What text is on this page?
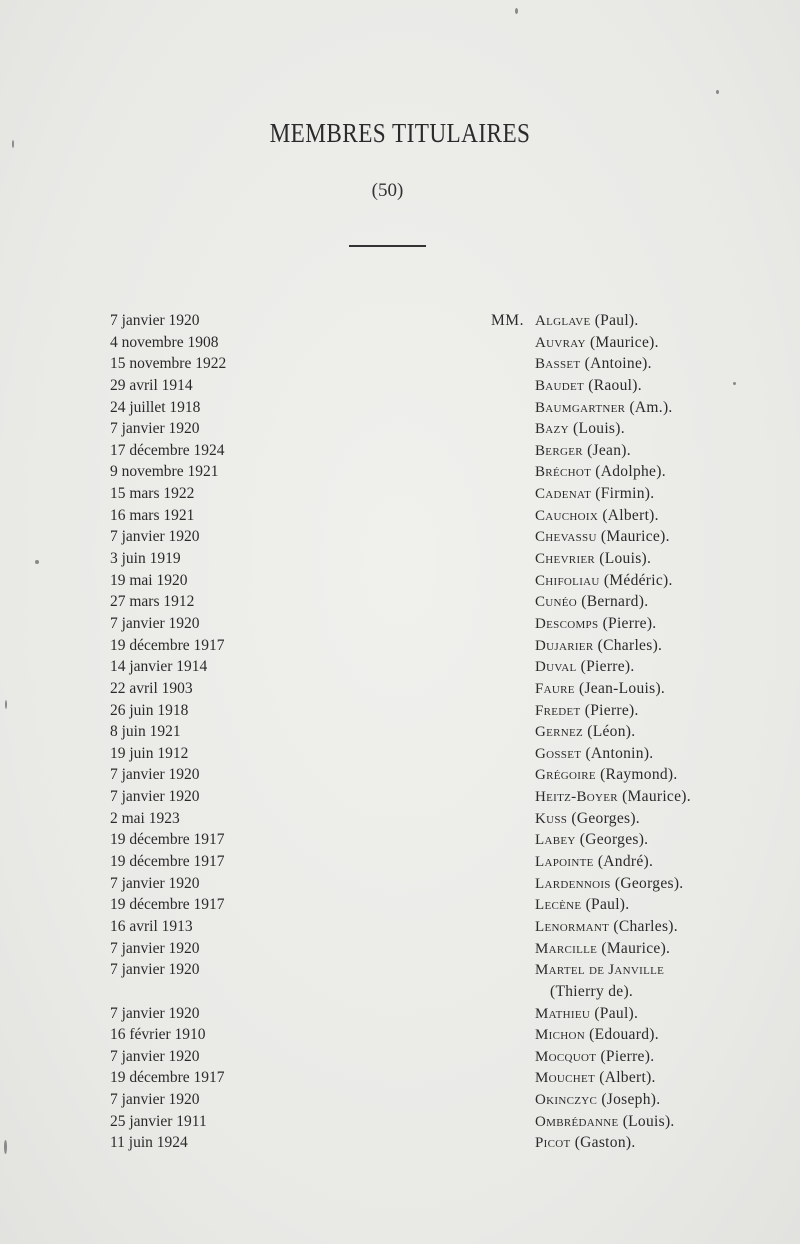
MEMBRES TITULAIRES
(50)
7 janvier 1920	MM. Alglave (Paul).
4 novembre 1908	Auvray (Maurice).
15 novembre 1922	Basset (Antoine).
29 avril 1914	Baudet (Raoul).
24 juillet 1918	Baumgartner (Am.).
7 janvier 1920	Bazy (Louis).
17 décembre 1924	Berger (Jean).
9 novembre 1921	Bréchot (Adolphe).
15 mars 1922	Cadenat (Firmin).
16 mars 1921	Cauchoix (Albert).
7 janvier 1920	Chevassu (Maurice).
3 juin 1919	Chevrier (Louis).
19 mai 1920	Chifoliau (Médéric).
27 mars 1912	Cunéo (Bernard).
7 janvier 1920	Descomps (Pierre).
19 décembre 1917	Dujarier (Charles).
14 janvier 1914	Duval (Pierre).
22 avril 1903	Faure (Jean-Louis).
26 juin 1918	Fredet (Pierre).
8 juin 1921	Gernez (Léon).
19 juin 1912	Gosset (Antonin).
7 janvier 1920	Grégoire (Raymond).
7 janvier 1920	Heitz-Boyer (Maurice).
2 mai 1923	Kuss (Georges).
19 décembre 1917	Labey (Georges).
19 décembre 1917	Lapointe (André).
7 janvier 1920	Lardennois (Georges).
19 décembre 1917	Lecène (Paul).
16 avril 1913	Lenormant (Charles).
7 janvier 1920	Marcille (Maurice).
7 janvier 1920	Martel de Janville
(Thierry de).
7 janvier 1920	Mathieu (Paul).
16 février 1910	Michon (Edouard).
7 janvier 1920	Mocquot (Pierre).
19 décembre 1917	Mouchet (Albert).
7 janvier 1920	Okinczyc (Joseph).
25 janvier 1911	Ombrédanne (Louis).
11 juin 1924	Picot (Gaston).
